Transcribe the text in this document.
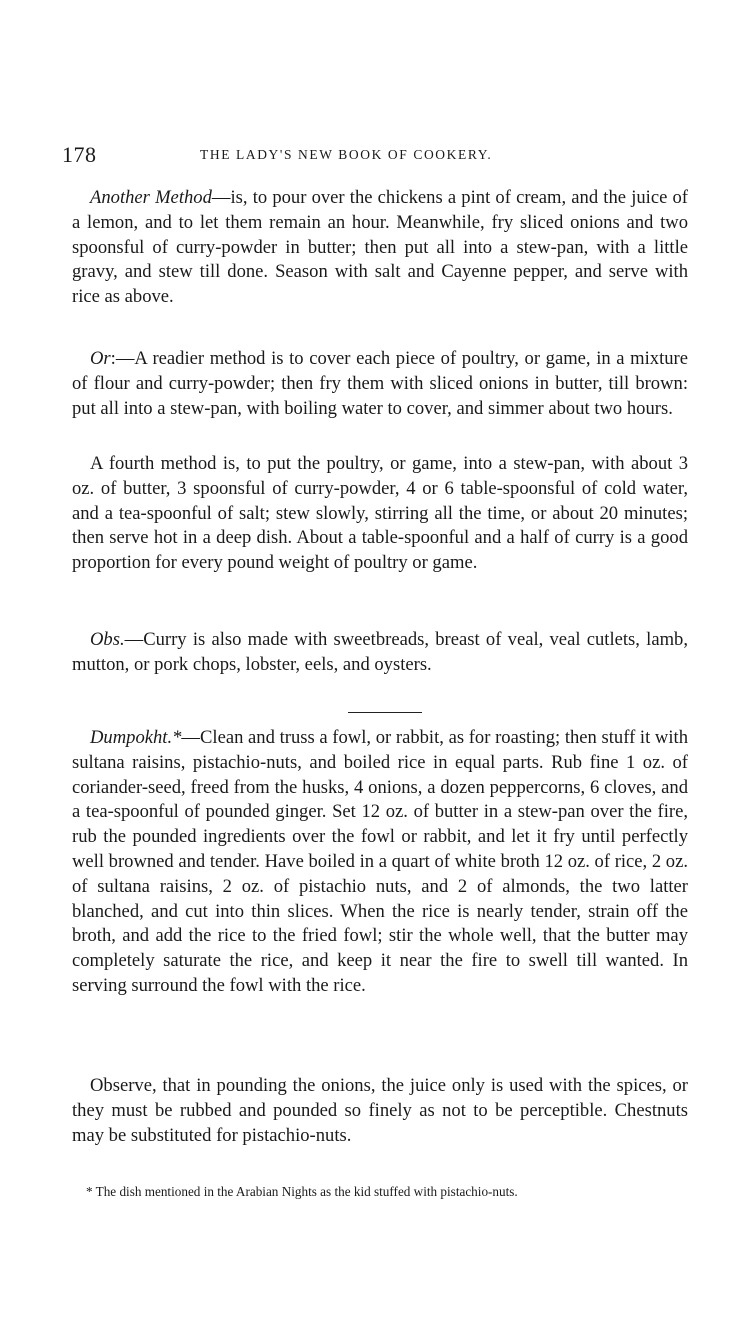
178	THE LADY'S NEW BOOK OF COOKERY.

Another Method—is, to pour over the chickens a pint of cream, and the juice of a lemon, and to let them remain an hour. Meanwhile, fry sliced onions and two spoonsful of curry-powder in butter; then put all into a stew-pan, with a little gravy, and stew till done. Season with salt and Cayenne pepper, and serve with rice as above.

Or:—A readier method is to cover each piece of poultry, or game, in a mixture of flour and curry-powder; then fry them with sliced onions in butter, till brown: put all into a stew-pan, with boiling water to cover, and simmer about two hours.

A fourth method is, to put the poultry, or game, into a stew-pan, with about 3 oz. of butter, 3 spoonsful of curry-powder, 4 or 6 table-spoonsful of cold water, and a tea-spoonful of salt; stew slowly, stirring all the time, or about 20 minutes; then serve hot in a deep dish. About a table-spoonful and a half of curry is a good proportion for every pound weight of poultry or game.

Obs.—Curry is also made with sweetbreads, breast of veal, veal cutlets, lamb, mutton, or pork chops, lobster, eels, and oysters.

Dumpokht.*—Clean and truss a fowl, or rabbit, as for roasting; then stuff it with sultana raisins, pistachio-nuts, and boiled rice in equal parts. Rub fine 1 oz. of coriander-seed, freed from the husks, 4 onions, a dozen peppercorns, 6 cloves, and a tea-spoonful of pounded ginger. Set 12 oz. of butter in a stew-pan over the fire, rub the pounded ingredients over the fowl or rabbit, and let it fry until perfectly well browned and tender. Have boiled in a quart of white broth 12 oz. of rice, 2 oz. of sultana raisins, 2 oz. of pistachio nuts, and 2 of almonds, the two latter blanched, and cut into thin slices. When the rice is nearly tender, strain off the broth, and add the rice to the fried fowl; stir the whole well, that the butter may completely saturate the rice, and keep it near the fire to swell till wanted. In serving surround the fowl with the rice.

Observe, that in pounding the onions, the juice only is used with the spices, or they must be rubbed and pounded so finely as not to be perceptible. Chestnuts may be substituted for pistachio-nuts.

* The dish mentioned in the Arabian Nights as the kid stuffed with pistachio-nuts.
